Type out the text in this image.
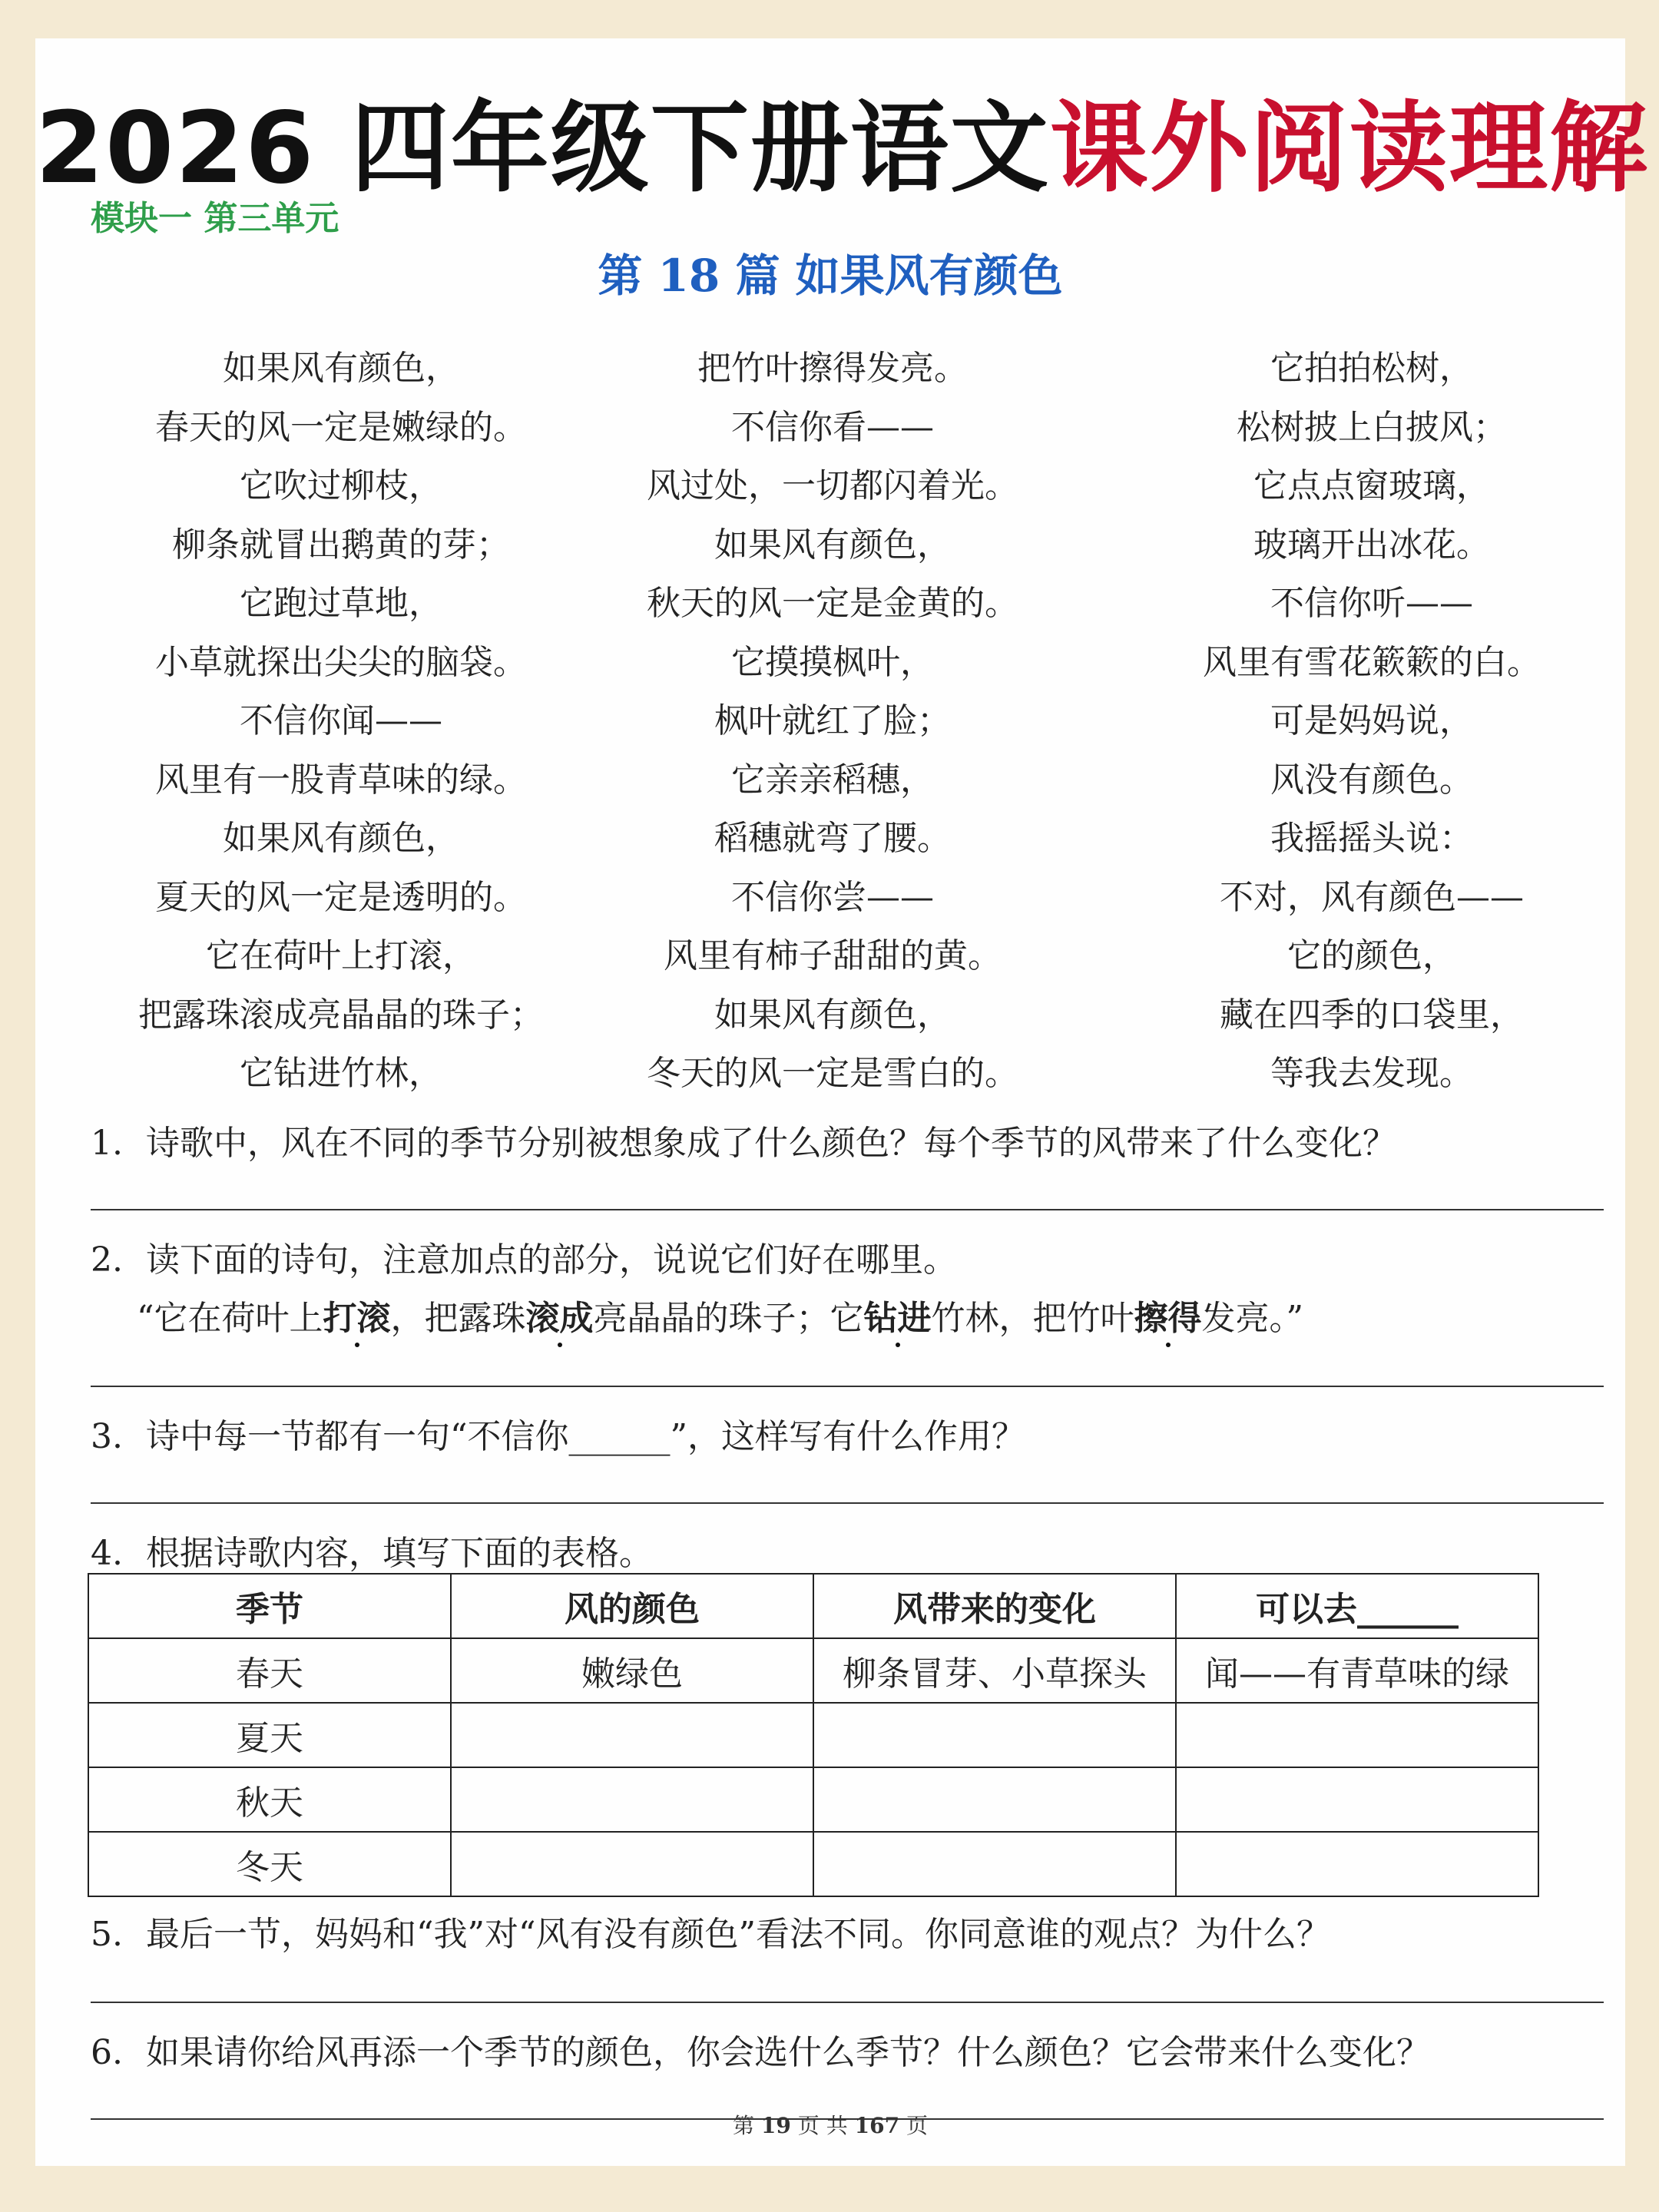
2026 四年级下册语文课外阅读理解
模块一 第三单元
第 18 篇 如果风有颜色
如果风有颜色，
春天的风一定是嫩绿的。
它吹过柳枝，
柳条就冒出鹅黄的芽；
它跑过草地，
小草就探出尖尖的脑袋。
不信你闻——
风里有一股青草味的绿。
如果风有颜色，
夏天的风一定是透明的。
它在荷叶上打滚，
把露珠滚成亮晶晶的珠子；
它钻进竹林，
把竹叶擦得发亮。
不信你看——
风过处，一切都闪着光。
如果风有颜色，
秋天的风一定是金黄的。
它摸摸枫叶，
枫叶就红了脸；
它亲亲稻穗，
稻穗就弯了腰。
不信你尝——
风里有柿子甜甜的黄。
如果风有颜色，
冬天的风一定是雪白的。
它拍拍松树，
松树披上白披风；
它点点窗玻璃，
玻璃开出冰花。
不信你听——
风里有雪花簌簌的白。
可是妈妈说，
风没有颜色。
我摇摇头说：
不对，风有颜色——
它的颜色，
藏在四季的口袋里，
等我去发现。
1. 诗歌中，风在不同的季节分别被想象成了什么颜色？每个季节的风带来了什么变化？
2. 读下面的诗句，注意加点的部分，说说它们好在哪里。
“它在荷叶上打滚，把露珠滚成亮晶晶的珠子；它钻进竹林，把竹叶擦得发亮。”
3. 诗中每一节都有一句“不信你______”，这样写有什么作用？
4. 根据诗歌内容，填写下面的表格。
季节	风的颜色	风带来的变化	可以去______
春天	嫩绿色	柳条冒芽、小草探头	闻——有青草味的绿
夏天			
秋天			
冬天			
5. 最后一节，妈妈和“我”对“风有没有颜色”看法不同。你同意谁的观点？为什么？
6. 如果请你给风再添一个季节的颜色，你会选什么季节？什么颜色？它会带来什么变化？
第 19 页 共 167 页
